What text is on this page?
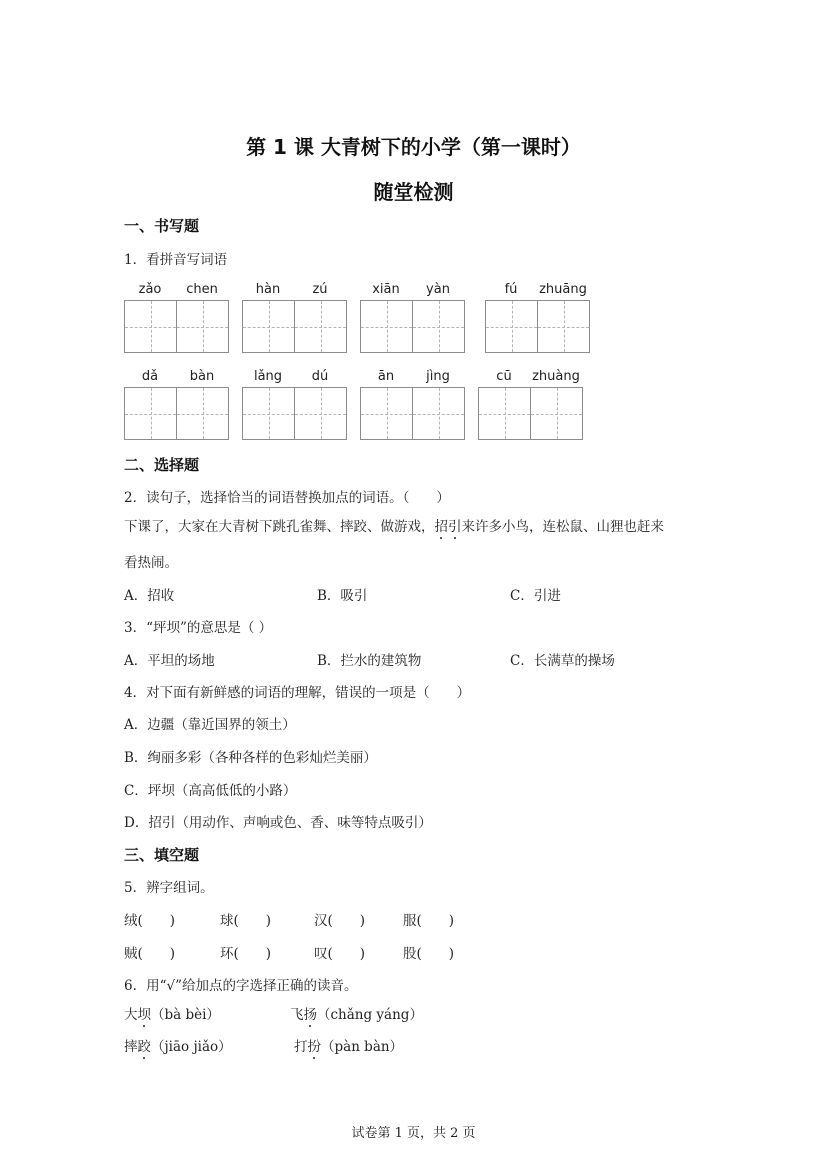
第 1 课 大青树下的小学（第一课时）
随堂检测
一、书写题
1．看拼音写词语
zǎo	chen	hàn	zú	xiān	yàn	fú	zhuāng
dǎ	bàn	lǎng	dú	ān	jìng	cū	zhuàng
二、选择题
2．读句子，选择恰当的词语替换加点的词语。（　　）
下课了，大家在大青树下跳孔雀舞、摔跤、做游戏，招引来许多小鸟，连松鼠、山狸也赶来
看热闹。
A．招收	B．吸引	C．引进
3．“坪坝”的意思是（ ）
A．平坦的场地	B．拦水的建筑物	C．长满草的操场
4．对下面有新鲜感的词语的理解，错误的一项是（　　）
A．边疆（靠近国界的领土）
B．绚丽多彩（各种各样的色彩灿烂美丽）
C．坪坝（高高低低的小路）
D．招引（用动作、声响或色、香、味等特点吸引）
三、填空题
5．辨字组词。
绒(　　)	球(　　)	汉(　　)	服(　　)
贼(　　)	环(　　)	叹(　　)	股(　　)
6．用“√”给加点的字选择正确的读音。
大坝（bà bèi）	飞扬（chǎng yáng）
摔跤（jiāo jiǎo）	打扮（pàn bàn）
试卷第 1 页，共 2 页
